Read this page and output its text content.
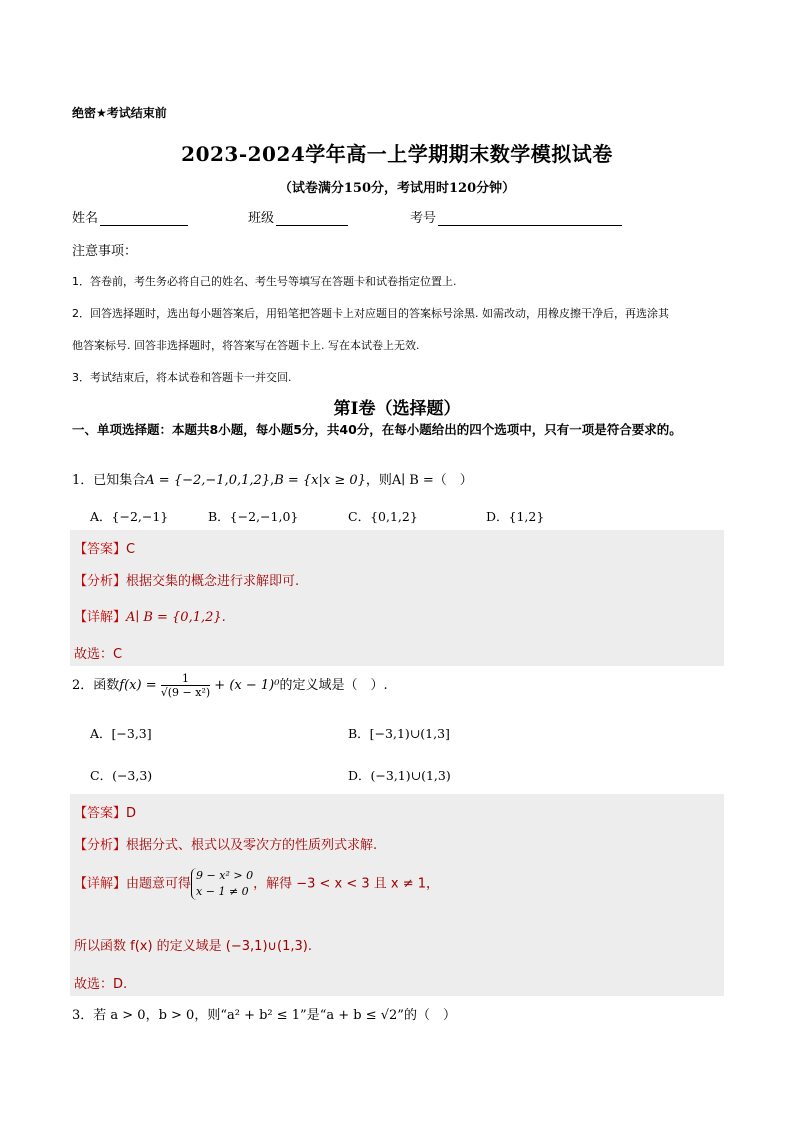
绝密★考试结束前
2023-2024学年高一上学期期末数学模拟试卷
（试卷满分150分，考试用时120分钟）
姓名	班级	考号
注意事项：
1．答卷前，考生务必将自己的姓名、考生号等填写在答题卡和试卷指定位置上.
2．回答选择题时，选出每小题答案后，用铅笔把答题卡上对应题目的答案标号涂黑. 如需改动，用橡皮擦干净后，再选涂其
他答案标号. 回答非选择题时，将答案写在答题卡上. 写在本试卷上无效.
3．考试结束后，将本试卷和答题卡一并交回.
第I卷（选择题）
一、单项选择题：本题共8小题，每小题5分，共40分，在每小题给出的四个选项中，只有一项是符合要求的。
1．已知集合A = {−2,−1,0,1,2},B = {x|x ≥ 0}，则A∣ B =（　）
A．{−2,−1}	B．{−2,−1,0}	C．{0,1,2}	D．{1,2}
【答案】C
【分析】根据交集的概念进行求解即可.
【详解】A∣ B = {0,1,2}.
故选：C
2．函数$f(x) = \frac{1}{\text{√(9 − x²)}} + (x - 1)^0$的定义域是（　）.
A．[−3,3]	B．[−3,1)∪(1,3]
C．(−3,3)	D．(−3,1)∪(1,3)
【答案】D
【分析】根据分式、根式以及零次方的性质列式求解.
【详解】由题意可得
9 − x² > 0
x − 1 ≠ 0 ，解得 −3 < x < 3 且 x ≠ 1，
所以函数 f(x) 的定义域是 (−3,1)∪(1,3).
故选：D.
3．若 a > 0，b > 0，则“a² + b² ≤ 1”是“a + b ≤ √2”的（　）
